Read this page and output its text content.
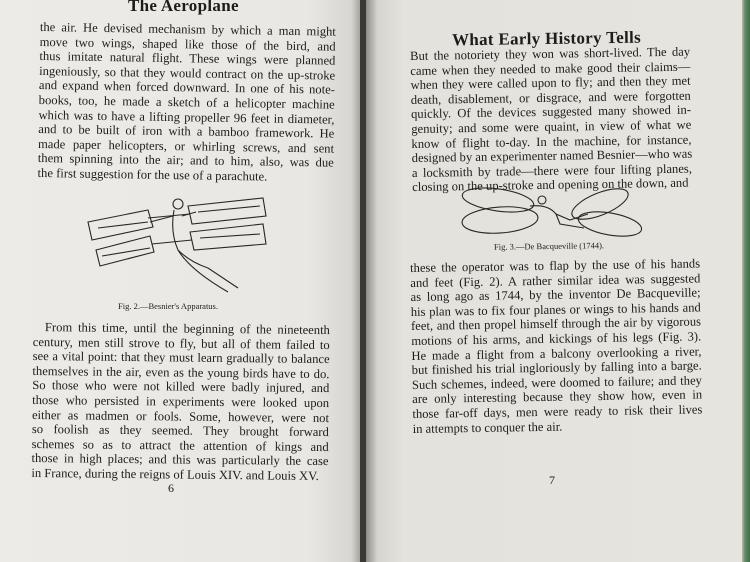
The Aeroplane
the air. He devised mechanism by which a man might
move two wings, shaped like those of the bird, and
thus imitate natural flight. These wings were planned
ingeniously, so that they would contract on the up-stroke
and expand when forced downward. In one of his note-
books, too, he made a sketch of a helicopter machine
which was to have a lifting propeller 96 feet in diameter,
and to be built of iron with a bamboo framework. He
made paper helicopters, or whirling screws, and sent
them spinning into the air; and to him, also, was due
the first suggestion for the use of a parachute.
Fig. 2.—Besnier's Apparatus.
From this time, until the beginning of the nineteenth
century, men still strove to fly, but all of them failed to
see a vital point: that they must learn gradually to balance
themselves in the air, even as the young birds have to do.
So those who were not killed were badly injured, and
those who persisted in experiments were looked upon
either as madmen or fools. Some, however, were not
so foolish as they seemed. They brought forward
schemes so as to attract the attention of kings and
those in high places; and this was particularly the case
in France, during the reigns of Louis XIV. and Louis XV.
6
What Early History Tells
But the notoriety they won was short-lived. The day
came when they needed to make good their claims—
when they were called upon to fly; and then they met
death, disablement, or disgrace, and were forgotten
quickly. Of the devices suggested many showed in-
genuity; and some were quaint, in view of what we
know of flight to-day. In the machine, for instance,
designed by an experimenter named Besnier—who was
a locksmith by trade—there were four lifting planes,
closing on the up-stroke and opening on the down, and
Fig. 3.—De Bacqueville (1744).
these the operator was to flap by the use of his hands
and feet (Fig. 2). A rather similar idea was suggested
as long ago as 1744, by the inventor De Bacqueville;
his plan was to fix four planes or wings to his hands and
feet, and then propel himself through the air by vigorous
motions of his arms, and kickings of his legs (Fig. 3).
He made a flight from a balcony overlooking a river,
but finished his trial ingloriously by falling into a barge.
Such schemes, indeed, were doomed to failure; and they
are only interesting because they show how, even in
those far-off days, men were ready to risk their lives
in attempts to conquer the air.
7
